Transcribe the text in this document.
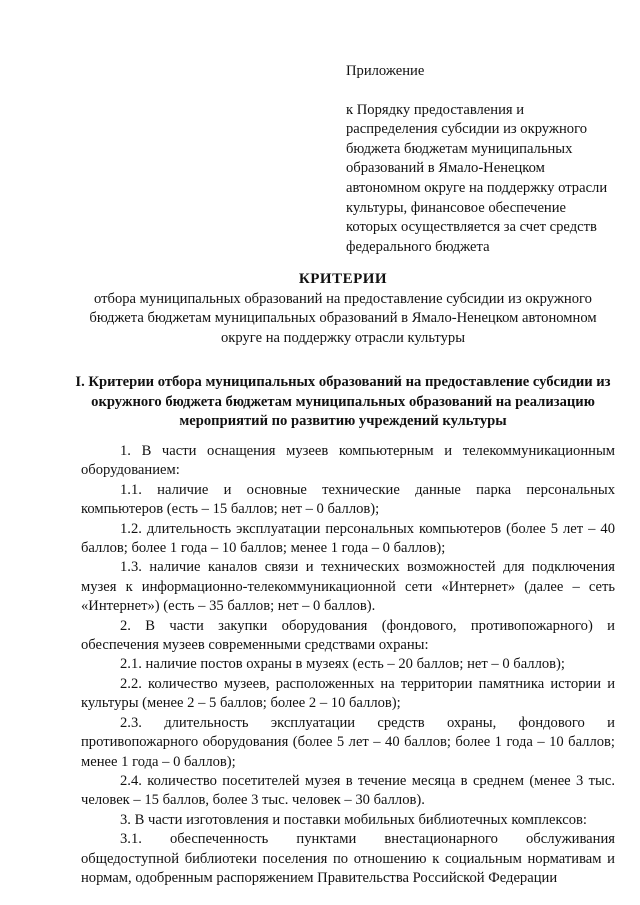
Приложение

к Порядку предоставления и распределения субсидии из окружного бюджета бюджетам муниципальных образований в Ямало-Ненецком автономном округе на поддержку отрасли культуры, финансовое обеспечение которых осуществляется за счет средств федерального бюджета

КРИТЕРИИ

отбора муниципальных образований на предоставление субсидии из окружного бюджета бюджетам муниципальных образований в Ямало-Ненецком автономном округе на поддержку отрасли культуры

I. Критерии отбора муниципальных образований на предоставление субсидии из окружного бюджета бюджетам муниципальных образований на реализацию мероприятий по развитию учреждений культуры

1. В части оснащения музеев компьютерным и телекоммуникационным оборудованием:

1.1. наличие и основные технические данные парка персональных компьютеров (есть – 15 баллов; нет – 0 баллов);

1.2. длительность эксплуатации персональных компьютеров (более 5 лет – 40 баллов; более 1 года – 10 баллов; менее 1 года – 0 баллов);

1.3. наличие каналов связи и технических возможностей для подключения музея к информационно-телекоммуникационной сети «Интернет» (далее – сеть «Интернет») (есть – 35 баллов; нет – 0 баллов).

2. В части закупки оборудования (фондового, противопожарного) и обеспечения музеев современными средствами охраны:

2.1. наличие постов охраны в музеях (есть – 20 баллов; нет – 0 баллов);

2.2. количество музеев, расположенных на территории памятника истории и культуры (менее 2 – 5 баллов; более 2 – 10 баллов);

2.3. длительность эксплуатации средств охраны, фондового и противопожарного оборудования (более 5 лет – 40 баллов; более 1 года – 10 баллов; менее 1 года – 0 баллов);

2.4. количество посетителей музея в течение месяца в среднем (менее 3 тыс. человек – 15 баллов, более 3 тыс. человек – 30 баллов).

3. В части изготовления и поставки мобильных библиотечных комплексов:

3.1. обеспеченность пунктами внестационарного обслуживания общедоступной библиотеки поселения по отношению к социальным нормативам и нормам, одобренным распоряжением Правительства Российской Федерации
